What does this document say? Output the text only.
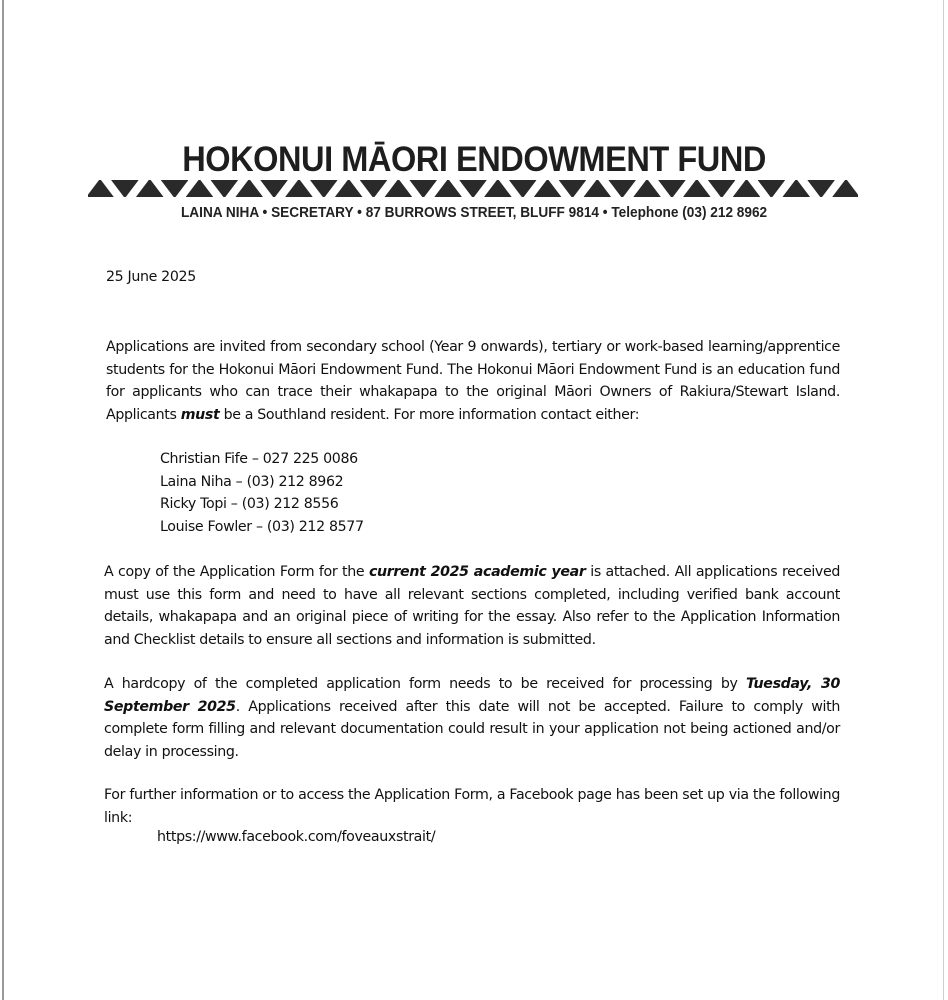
HOKONUI MĀORI ENDOWMENT FUND
LAINA NIHA • SECRETARY • 87 BURROWS STREET, BLUFF 9814 • Telephone (03) 212 8962
25 June 2025

Applications are invited from secondary school (Year 9 onwards), tertiary or work-based learning/apprentice students for the Hokonui Māori Endowment Fund. The Hokonui Māori Endowment Fund is an education fund for applicants who can trace their whakapapa to the original Māori Owners of Rakiura/Stewart Island. Applicants must be a Southland resident. For more information contact either:

Christian Fife – 027 225 0086
Laina Niha – (03) 212 8962
Ricky Topi – (03) 212 8556
Louise Fowler – (03) 212 8577

A copy of the Application Form for the current 2025 academic year is attached. All applications received must use this form and need to have all relevant sections completed, including verified bank account details, whakapapa and an original piece of writing for the essay. Also refer to the Application Information and Checklist details to ensure all sections and information is submitted.

A hardcopy of the completed application form needs to be received for processing by Tuesday, 30 September 2025. Applications received after this date will not be accepted. Failure to comply with complete form filling and relevant documentation could result in your application not being actioned and/or delay in processing.

For further information or to access the Application Form, a Facebook page has been set up via the following link:

https://www.facebook.com/foveauxstrait/
